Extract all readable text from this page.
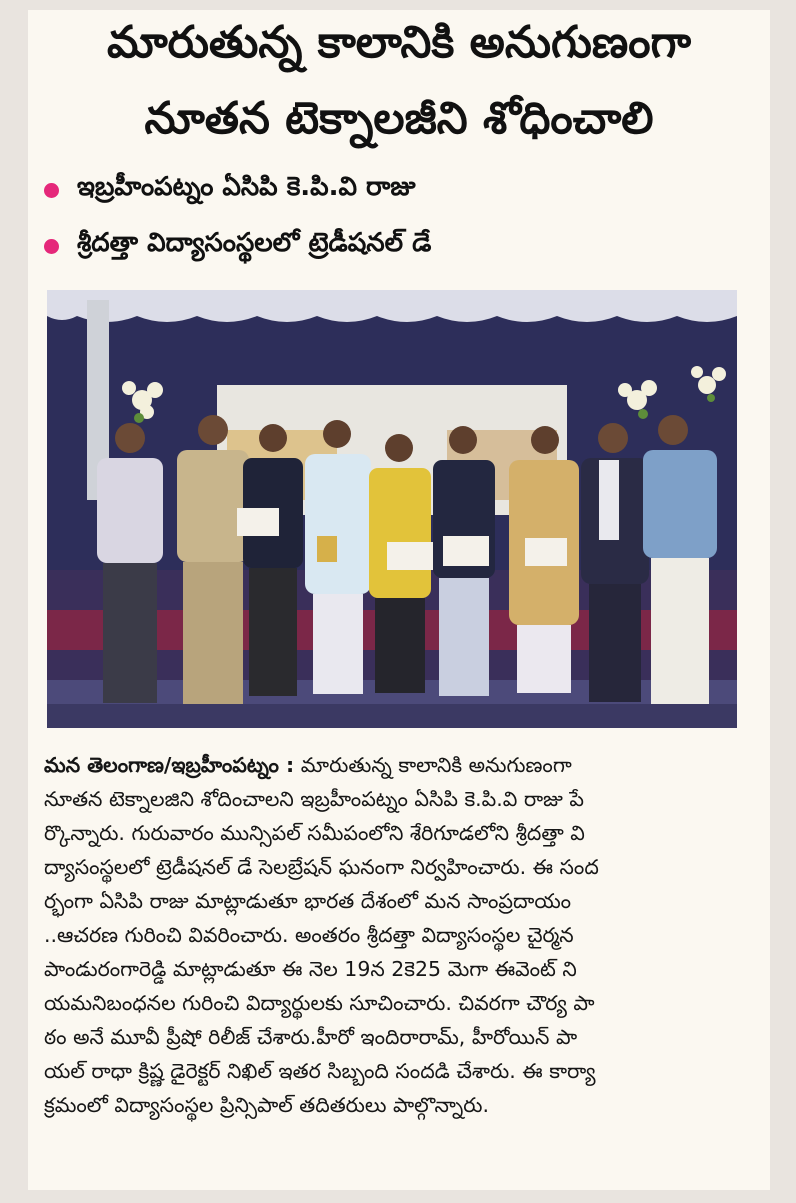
మారుతున్న కాలానికి అనుగుణంగా
నూతన టెక్నాలజీని శోధించాలి
ఇబ్రహీంపట్నం ఏసిపి కె.పి.వి రాజు
శ్రీదత్తా విద్యాసంస్థలలో ట్రెడీషనల్ డే

మన తెలంగాణ/ఇబ్రహీంపట్నం : మారుతున్న కాలానికి అనుగుణంగా

నూతన టెక్నాలజిని శోదించాలని ఇబ్రహీంపట్నం ఏసిపి కె.పి.వి రాజు పే

ర్కొన్నారు. గురువారం మున్సిపల్ సమీపంలోని శేరిగూడలోని శ్రీదత్తా వి

ద్యాసంస్థలలో ట్రెడీషనల్ డే సెలబ్రేషన్ ఘనంగా నిర్వహించారు. ఈ సంద

ర్భంగా ఏసిపి రాజు మాట్లాడుతూ భారత దేశంలో మన సాంప్రదాయం

..ఆచరణ గురించి వివరించారు. అంతరం శ్రీదత్తా విద్యాసంస్థల చైర్మన

పాండురంగారెడ్డి మాట్లాడుతూ ఈ నెల 19న 2కె25 మెగా ఈవెంట్ ని

యమనిబంధనల గురించి విద్యార్థులకు సూచించారు. చివరగా చౌర్య పా

ఠం అనే మూవీ ప్రీషో రిలీజ్ చేశారు.హీరో ఇందిరారామ్, హీరోయిన్ పా

యల్ రాధా క్రిష్ణ డైరెక్టర్ నిఖిల్ ఇతర సిబ్బంది సందడి చేశారు. ఈ కార్యా

క్రమంలో విద్యాసంస్థల ప్రిన్సిపాల్ తదితరులు పాల్గొన్నారు.
